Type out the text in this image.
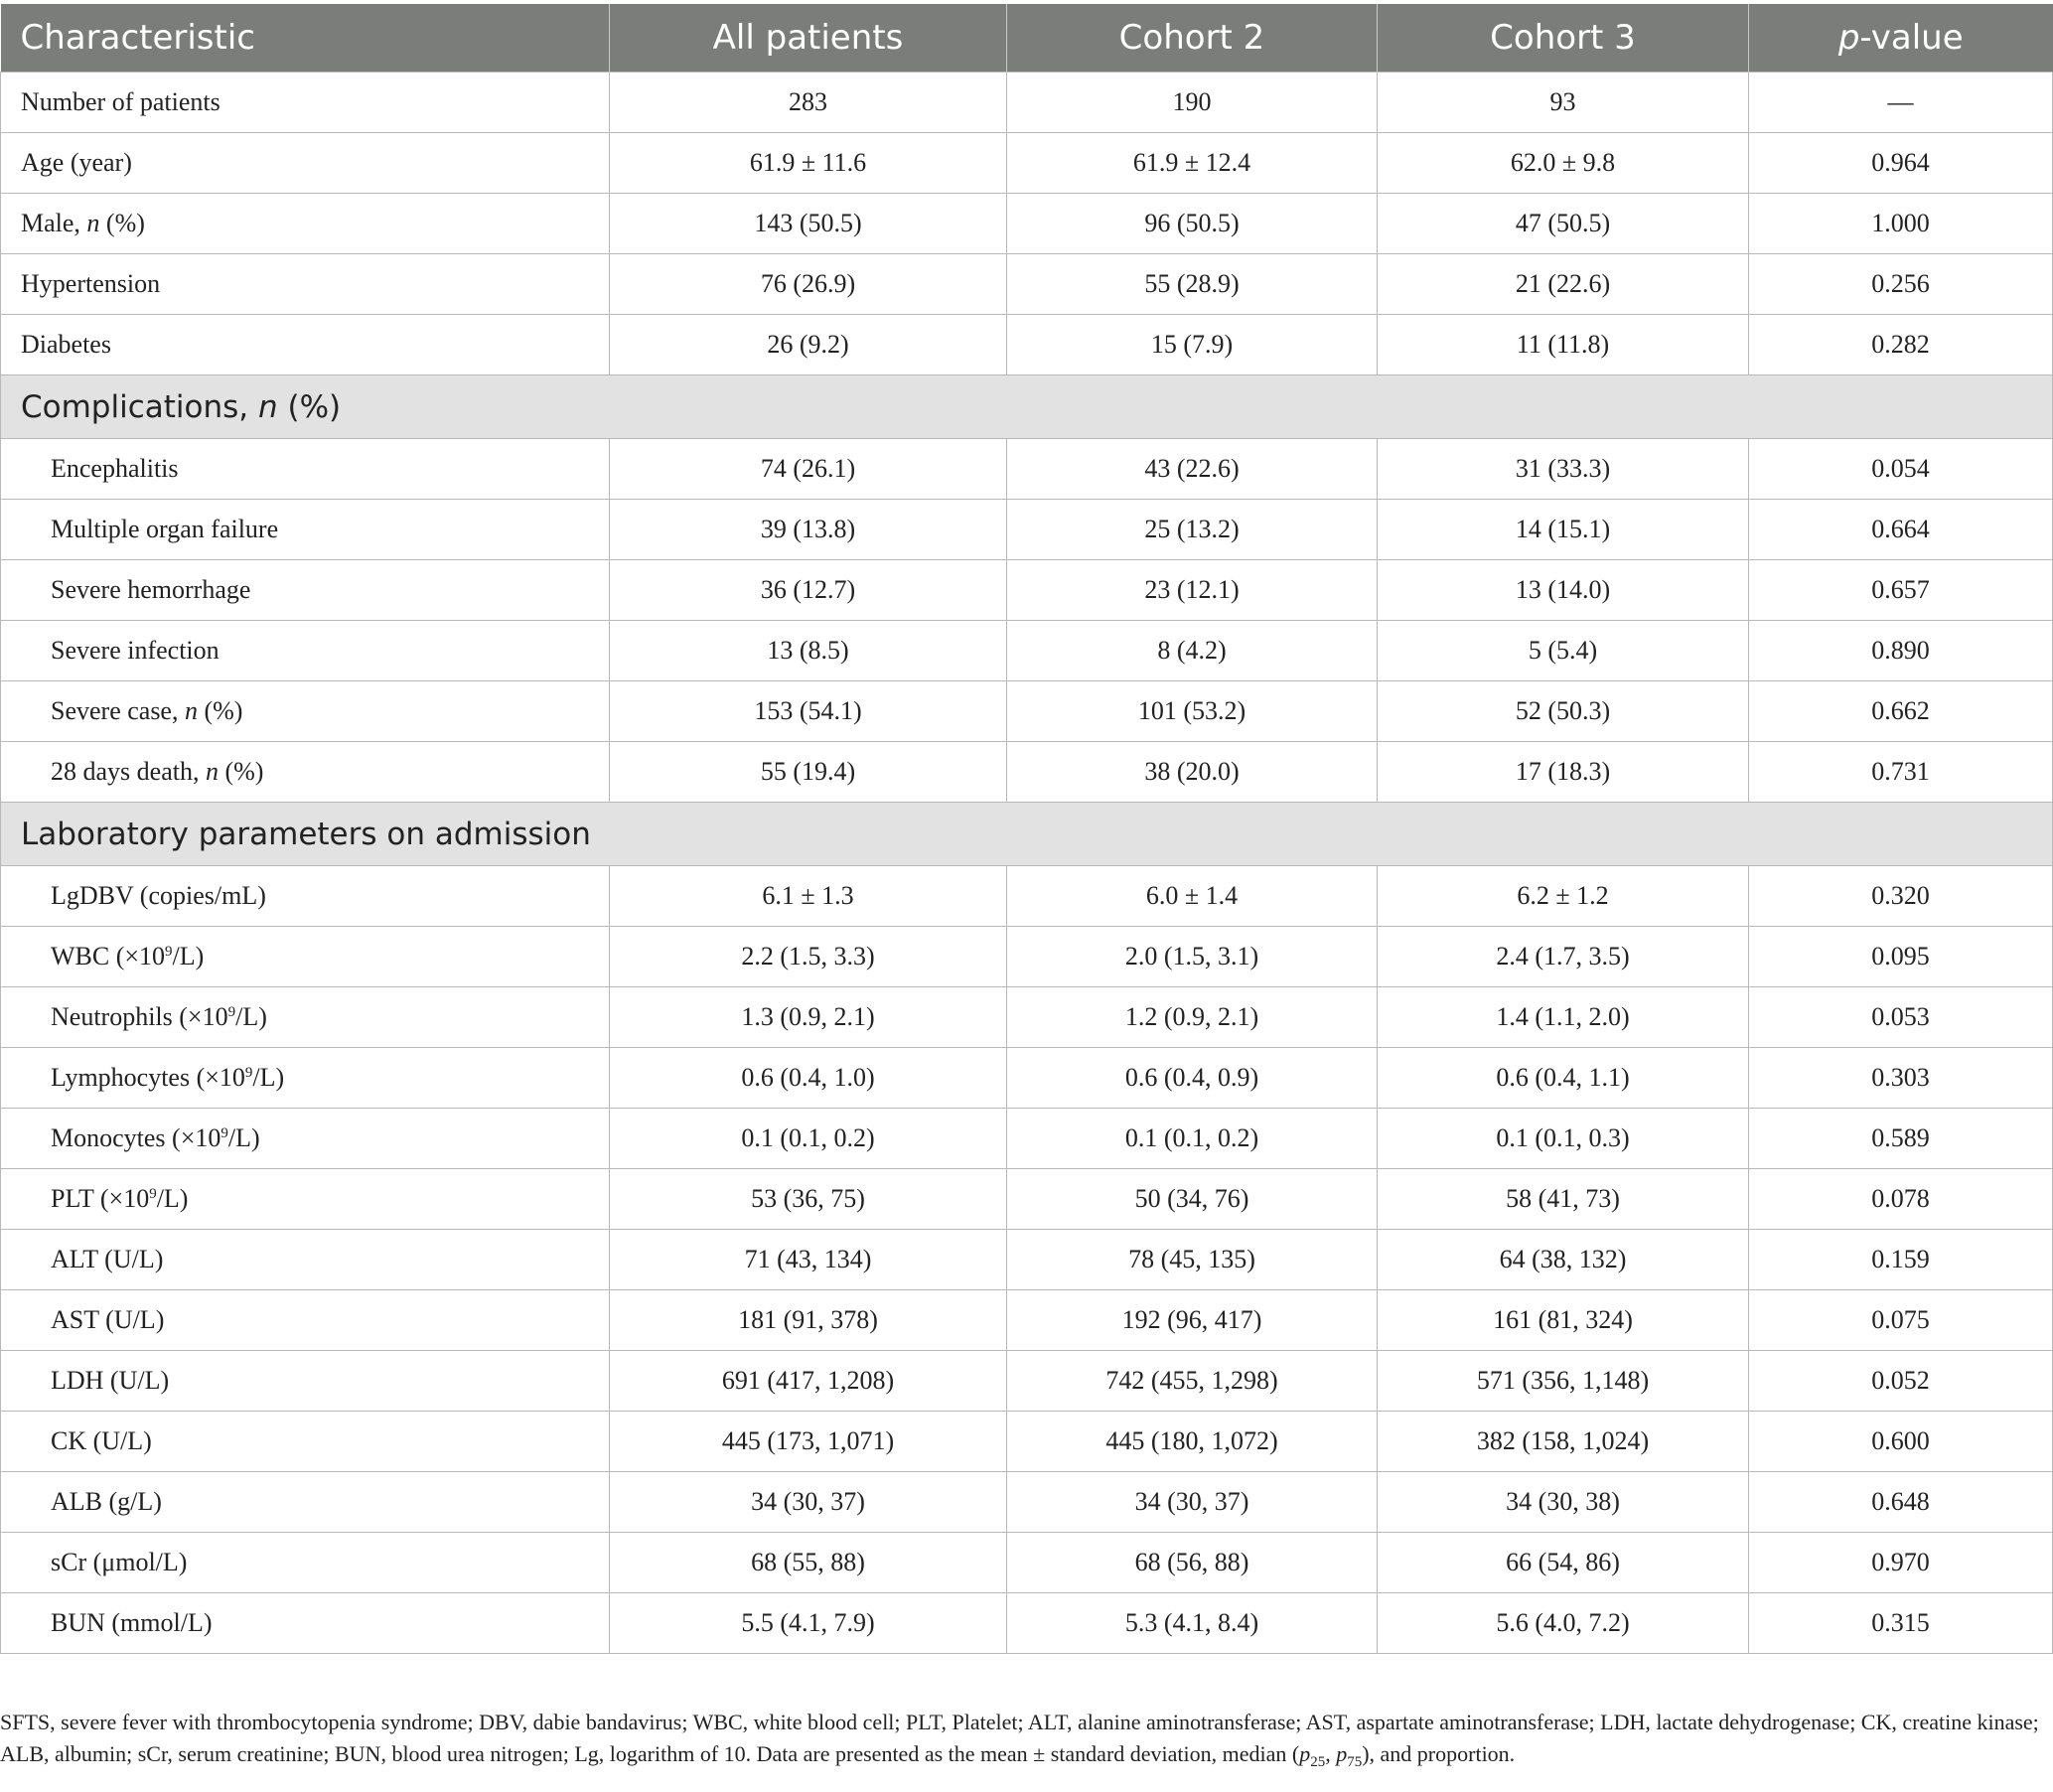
Characteristic	All patients	Cohort 2	Cohort 3	p-value
Number of patients	283	190	93	—
Age (year)	61.9 ± 11.6	61.9 ± 12.4	62.0 ± 9.8	0.964
Male, n (%)	143 (50.5)	96 (50.5)	47 (50.5)	1.000
Hypertension	76 (26.9)	55 (28.9)	21 (22.6)	0.256
Diabetes	26 (9.2)	15 (7.9)	11 (11.8)	0.282
Complications, n (%)				
Encephalitis	74 (26.1)	43 (22.6)	31 (33.3)	0.054
Multiple organ failure	39 (13.8)	25 (13.2)	14 (15.1)	0.664
Severe hemorrhage	36 (12.7)	23 (12.1)	13 (14.0)	0.657
Severe infection	13 (8.5)	8 (4.2)	5 (5.4)	0.890
Severe case, n (%)	153 (54.1)	101 (53.2)	52 (50.3)	0.662
28 days death, n (%)	55 (19.4)	38 (20.0)	17 (18.3)	0.731
Laboratory parameters on admission				
LgDBV (copies/mL)	6.1 ± 1.3	6.0 ± 1.4	6.2 ± 1.2	0.320
WBC $(\times 10^9/L)$	2.2 (1.5, 3.3)	2.0 (1.5, 3.1)	2.4 (1.7, 3.5)	0.095
Neutrophils $(\times 10^9/L)$	1.3 (0.9, 2.1)	1.2 (0.9, 2.1)	1.4 (1.1, 2.0)	0.053
Lymphocytes $(\times 10^9/L)$	0.6 (0.4, 1.0)	0.6 (0.4, 0.9)	0.6 (0.4, 1.1)	0.303
Monocytes $(\times 10^9/L)$	0.1 (0.1, 0.2)	0.1 (0.1, 0.2)	0.1 (0.1, 0.3)	0.589
PLT $(\times 10^9/L)$	53 (36, 75)	50 (34, 76)	58 (41, 73)	0.078
ALT (U/L)	71 (43, 134)	78 (45, 135)	64 (38, 132)	0.159
AST (U/L)	181 (91, 378)	192 (96, 417)	161 (81, 324)	0.075
LDH (U/L)	691 (417, 1,208)	742 (455, 1,298)	571 (356, 1,148)	0.052
CK (U/L)	445 (173, 1,071)	445 (180, 1,072)	382 (158, 1,024)	0.600
ALB (g/L)	34 (30, 37)	34 (30, 37)	34 (30, 38)	0.648
sCr (μmol/L)	68 (55, 88)	68 (56, 88)	66 (54, 86)	0.970
BUN (mmol/L)	5.5 (4.1, 7.9)	5.3 (4.1, 8.4)	5.6 (4.0, 7.2)	0.315
SFTS, severe fever with thrombocytopenia syndrome; DBV, dabie bandavirus; WBC, white blood cell; PLT, Platelet; ALT, alanine aminotransferase; AST, aspartate aminotransferase; LDH, lactate dehydrogenase; CK, creatine kinase; ALB, albumin; sCr, serum creatinine; BUN, blood urea nitrogen; Lg, logarithm of 10. Data are presented as the mean ± standard deviation, median ($p_{25}$, $p_{75}$), and proportion.
